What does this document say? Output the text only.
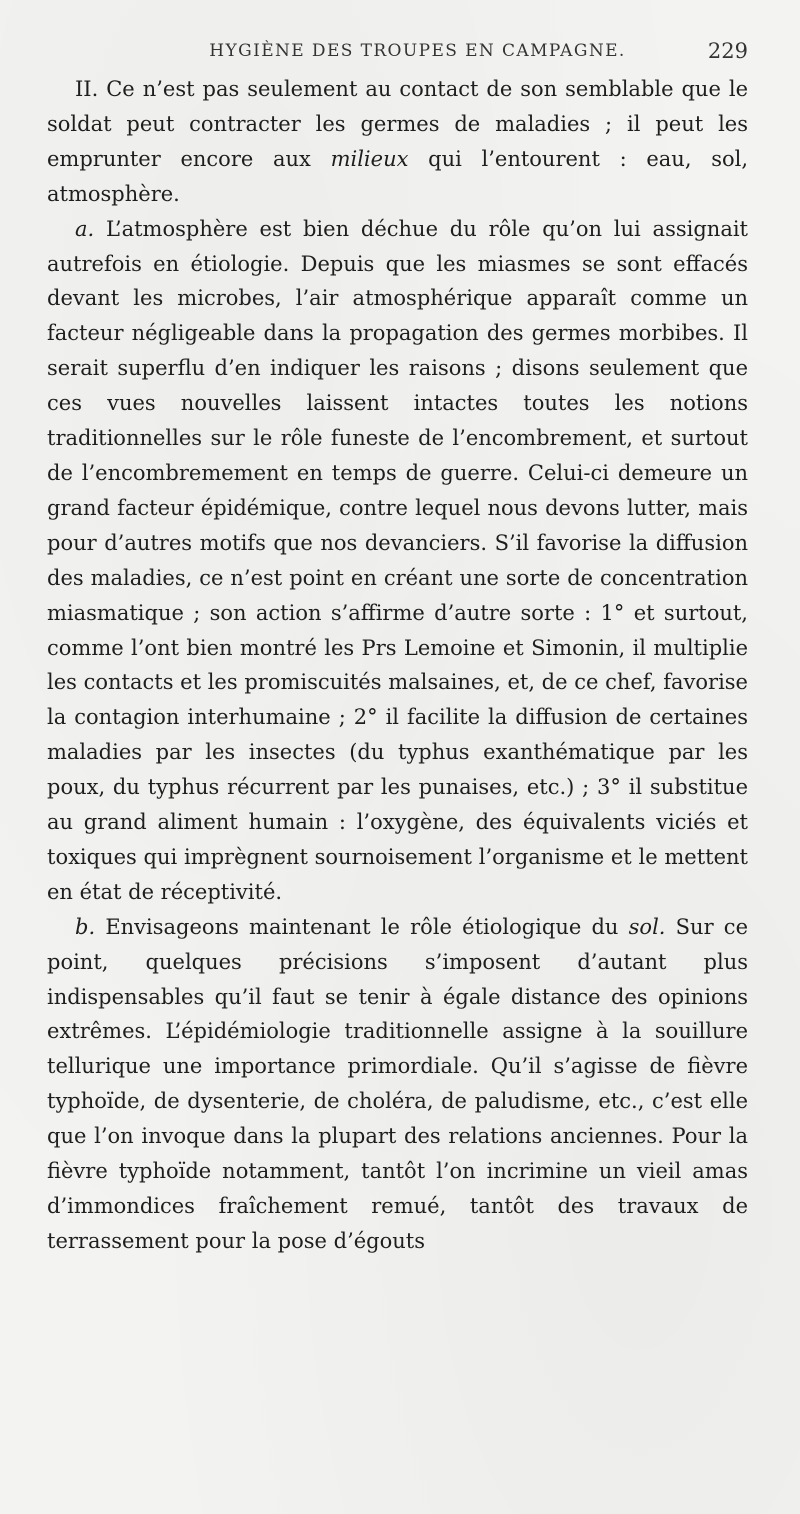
HYGIÈNE DES TROUPES EN CAMPAGNE.	229

II. Ce n’est pas seulement au contact de son semblable que le soldat peut contracter les germes de maladies ; il peut les emprunter encore aux milieux qui l’entourent : eau, sol, atmosphère.

a. L’atmosphère est bien déchue du rôle qu’on lui assignait autrefois en étiologie. Depuis que les miasmes se sont effacés devant les microbes, l’air atmosphérique apparaît comme un facteur négligeable dans la propagation des germes morbibes. Il serait superflu d’en indiquer les raisons ; disons seulement que ces vues nouvelles laissent intactes toutes les notions traditionnelles sur le rôle funeste de l’encombrement, et surtout de l’encombremement en temps de guerre. Celui-ci demeure un grand facteur épidémique, contre lequel nous devons lutter, mais pour d’autres motifs que nos devanciers. S’il favorise la diffusion des maladies, ce n’est point en créant une sorte de concentration miasmatique ; son action s’affirme d’autre sorte : 1° et surtout, comme l’ont bien montré les Prs Lemoine et Simonin, il multiplie les contacts et les promiscuités malsaines, et, de ce chef, favorise la contagion interhumaine ; 2° il facilite la diffusion de certaines maladies par les insectes (du typhus exanthématique par les poux, du typhus récurrent par les punaises, etc.) ; 3° il substitue au grand aliment humain : l’oxygène, des équivalents viciés et toxiques qui imprègnent sournoisement l’organisme et le mettent en état de réceptivité.

b. Envisageons maintenant le rôle étiologique du sol. Sur ce point, quelques précisions s’imposent d’autant plus indispensables qu’il faut se tenir à égale distance des opinions extrêmes. L’épidémiologie traditionnelle assigne à la souillure tellurique une importance primordiale. Qu’il s’agisse de fièvre typhoïde, de dysenterie, de choléra, de paludisme, etc., c’est elle que l’on invoque dans la plupart des relations anciennes. Pour la fièvre typhoïde notamment, tantôt l’on incrimine un vieil amas d’immondices fraîchement remué, tantôt des travaux de terrassement pour la pose d’égouts
